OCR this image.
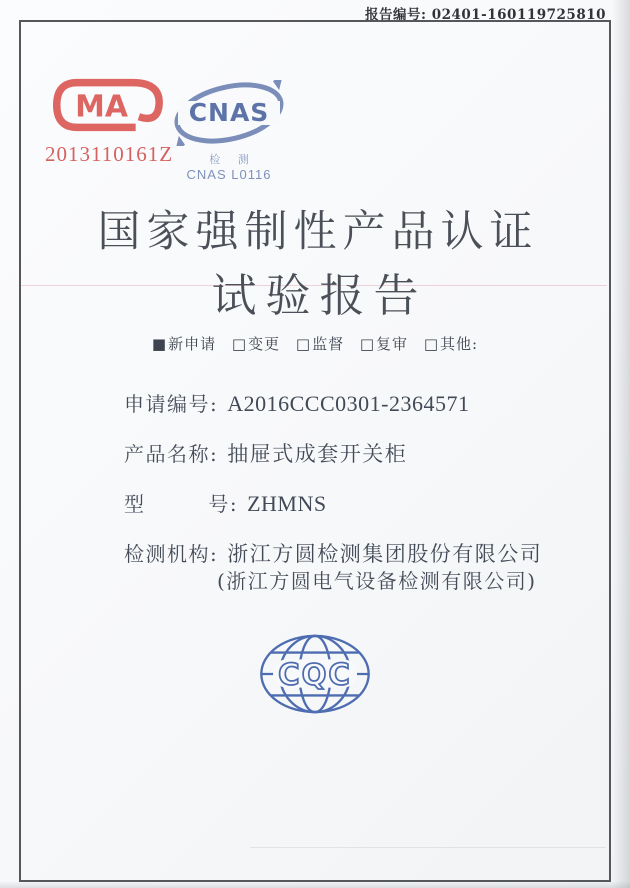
报告编号: 02401-160119725810
MA
2013110161Z
CNAS
检 测
CNAS L0116
国家强制性产品认证
试验报告
■新申请 □变更 □监督 □复审 □其他:
申请编号: A2016CCC0301-2364571
产品名称: 抽屉式成套开关柜
型        号: ZHMNS
检测机构: 浙江方圆检测集团股份有限公司
(浙江方圆电气设备检测有限公司)
CQC
